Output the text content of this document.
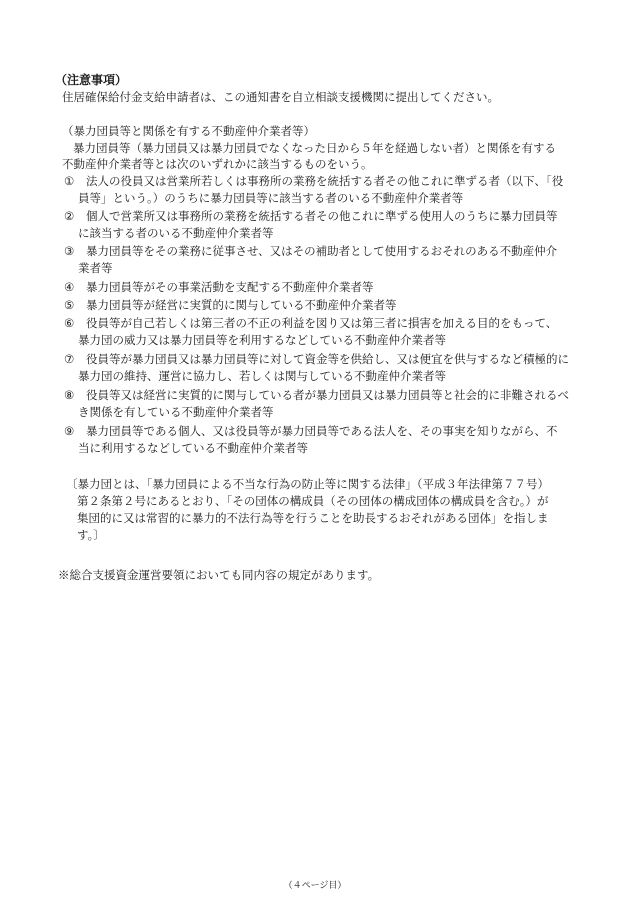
（注意事項）
住居確保給付金支給申請者は、この通知書を自立相談支援機関に提出してください。
（暴力団員等と関係を有する不動産仲介業者等）
暴力団員等（暴力団員又は暴力団員でなくなった日から５年を経過しない者）と関係を有する
不動産仲介業者等とは次のいずれかに該当するものをいう。
①	法人の役員又は営業所若しくは事務所の業務を統括する者その他これに準ずる者（以下、「役
員等」という。）のうちに暴力団員等に該当する者のいる不動産仲介業者等
②	個人で営業所又は事務所の業務を統括する者その他これに準ずる使用人のうちに暴力団員等
に該当する者のいる不動産仲介業者等
③	暴力団員等をその業務に従事させ、又はその補助者として使用するおそれのある不動産仲介
業者等
④	暴力団員等がその事業活動を支配する不動産仲介業者等
⑤	暴力団員等が経営に実質的に関与している不動産仲介業者等
⑥	役員等が自己若しくは第三者の不正の利益を図り又は第三者に損害を加える目的をもって、
暴力団の威力又は暴力団員等を利用するなどしている不動産仲介業者等
⑦	役員等が暴力団員又は暴力団員等に対して資金等を供給し、又は便宜を供与するなど積極的に
暴力団の維持、運営に協力し、若しくは関与している不動産仲介業者等
⑧	役員等又は経営に実質的に関与している者が暴力団員又は暴力団員等と社会的に非難されるべ
き関係を有している不動産仲介業者等
⑨	暴力団員等である個人、又は役員等が暴力団員等である法人を、その事実を知りながら、不
当に利用するなどしている不動産仲介業者等
〔暴力団とは、「暴力団員による不当な行為の防止等に関する法律」（平成３年法律第７７号）
第２条第２号にあるとおり、「その団体の構成員（その団体の構成団体の構成員を含む。）が
集団的に又は常習的に暴力的不法行為等を行うことを助長するおそれがある団体」を指しま
す。〕
※総合支援資金運営要領においても同内容の規定があります。
（４ページ目）
